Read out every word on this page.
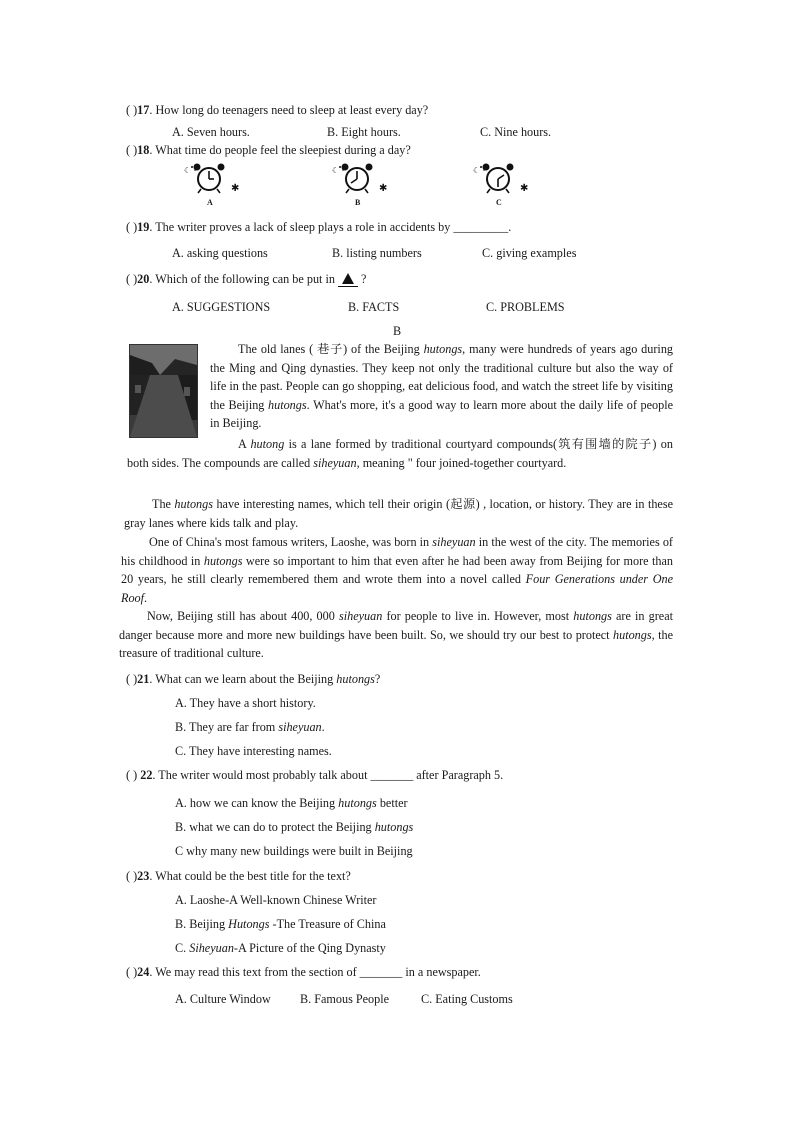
( )17. How long do teenagers need to sleep at least every day?
A. Seven hours.	B. Eight hours.	C. Nine hours.
( )18. What time do people feel the sleepiest during a day?
☾
✱
A
☾
✱
B
☾
✱
C
( )19. The writer proves a lack of sleep plays a role in accidents by _________.
A. asking questions	B. listing numbers	C. giving examples
( )20. Which of the following can be put in  ?
A. SUGGESTIONS	B. FACTS	C. PROBLEMS
B
The old lanes ( 巷子) of the Beijing hutongs, many were hundreds of years ago during the Ming and Qing dynasties. They keep not only the traditional culture but also the way of life in the past. People can go shopping, eat delicious food, and watch the street life by visiting the Beijing hutongs. What's more, it's a good way to learn more about the daily life of people in Beijing.
A hutong is a lane formed by traditional courtyard compounds(筑有围墙的院子) on both sides. The compounds are called siheyuan, meaning " four joined-together courtyard.
The hutongs have interesting names, which tell their origin (起源) , location, or history. They are in these gray lanes where kids talk and play.
One of China's most famous writers, Laoshe, was born in siheyuan in the west of the city. The memories of his childhood in hutongs were so important to him that even after he had been away from Beijing for more than 20 years, he still clearly remembered them and wrote them into a novel called Four Generations under One Roof.
Now, Beijing still has about 400, 000 siheyuan for people to live in. However, most hutongs are in great danger because more and more new buildings have been built. So, we should try our best to protect hutongs, the treasure of traditional culture.
( )21. What can we learn about the Beijing hutongs?
A. They have a short history.
B. They are far from siheyuan.
C. They have interesting names.
( ) 22. The writer would most probably talk about _______ after Paragraph 5.
A. how we can know the Beijing hutongs better
B. what we can do to protect the Beijing hutongs
C why many new buildings were built in Beijing
( )23. What could be the best title for the text?
A. Laoshe-A Well-known Chinese Writer
B. Beijing Hutongs -The Treasure of China
C. Siheyuan-A Picture of the Qing Dynasty
( )24. We may read this text from the section of _______ in a newspaper.
A. Culture Window B. Famous People	C. Eating Customs
